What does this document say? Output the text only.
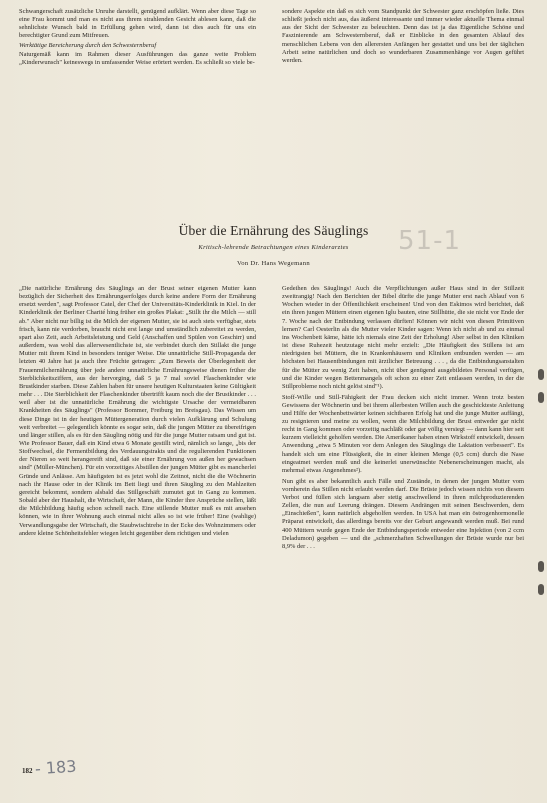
Schwangerschaft zusätzliche Unruhe darstellt, genügend aufklärt. Wenn aber diese Tage so eine Frau kommt und man es nicht aus ihrem strahlenden Gesicht ablesen kann, daß die sehnlichste Wunsch bald in Erfüllung gehen wird, dann ist dies auch für uns ein berechtigter Grund zum Mitfreuen.

Werktätige Bereicherung durch den Schwesternberuf

Naturgemäß kann im Rahmen dieser Ausführungen das ganze weite Problem „Kinderwunsch" keineswegs in umfassender Weise erörtert werden. Es schließt so viele be-

sondere Aspekte ein daß es sich vom Standpunkt der Schwester ganz erschöpfen ließe. Dies schließt jedoch nicht aus, das äußerst interessante und immer wieder aktuelle Thema einmal aus der Sicht der Schwester zu beleuchten. Denn das ist ja das Eigentliche Schöne und Faszinierende am Schwesternberuf, daß er Einblicke in den gesamten Ablauf des menschlichen Lebens von den allerersten Anfängen her gestattet und uns bei der täglichen Arbeit seine natürlichen und doch so wunderbaren Zusammenhänge vor Augen geführt werden.

51-1
Über die Ernährung des Säuglings
Kritisch-lehrende Betrachtungen eines Kinderarztes
Von Dr. Hans Wegemann

„Die natürliche Ernährung des Säuglings an der Brust seiner eigenen Mutter kann bezüglich der Sicherheit des Ernährungserfolges durch keine andere Form der Ernährung ersetzt werden", sagt Professor Catel, der Chef der Universitäts-Kinderklinik in Kiel. In der Kinderklinik der Berliner Charité hing früher ein großes Plakat: „Stillt ihr die Milch — still ab." Aber nicht nur billig ist die Milch der eigenen Mutter, sie ist auch stets verfügbar, stets frisch, kann nie verdorben, braucht nicht erst lange und umständlich zubereitet zu werden, spart also Zeit, auch Arbeitsleistung und Geld (Anschaffen und Spülen von Geschirr) und außerdem, was wohl das allerwesentlichste ist, sie verbindet durch den Stillakt die junge Mutter mit ihrem Kind in besonders inniger Weise. Die unnatürliche Still-Propaganda der letzten 40 Jahre hat ja auch ihre Früchte getragen: „Zum Beweis der Überlegenheit der Frauenmilchernährung über jede andere unnatürliche Ernährungsweise dienen früher die Sterblichkeitsziffern, aus der hervorging, daß 5 ja 7 mal soviel Flaschenkinder wie Brustkinder starben. Diese Zahlen haben für unsere heutigen Kulturstaaten keine Gültigkeit mehr . . . Die Sterblichkeit der Flaschenkinder übertrifft kaum noch die der Brustkinder . . . weil aber ist die unnatürliche Ernährung die wichtigste Ursache der vermeidbaren Krankheiten des Säuglings" (Professor Bommer, Freiburg im Breisgau). Das Wissen um diese Dinge ist in der heutigen Müttergeneration durch vielen Aufklärung und Schulung weit verbreitet — gelegentlich könnte es sogar sein, daß die jungen Mütter zu übereifrigen und länger stillen, als es für den Säugling nötig und für die junge Mutter ratsam und gut ist. Wie Professor Bauer, daß ein Kind etwa 6 Monate gestillt wird, nämlich so lange, „bis der Stoffwechsel, die Fermentbildung des Verdauungstrakts und die regulierenden Funktionen der Nieren so weit herangereift sind, daß sie einer Ernährung von außen her gewachsen sind" (Müller-München). Für ein vorzeitiges Abstillen der jungen Mütter gibt es mancherlei Gründe und Anlässe. Am häufigsten ist es jetzt wohl die Zeitnot, nicht die die Wöchnerin nach ihr Hause oder in der Klinik im Bett liegt und ihren Säugling zu den Mahlzeiten gereicht bekommt, sondern alsbald das Stillgeschäft zumutet gut in Gang zu kommen. Sobald aber der Haushalt, die Wirtschaft, der Mann, die Kinder ihre Ansprüche stellen, läßt die Milchbildung häufig schon schnell nach. Eine stillende Mutter muß es mit ansehen können, wie in ihrer Wohnung auch einmal nicht alles so ist wie früher! Eine (wahlige) Verwandlungsgabe der Wirtschaft, die Staubwischtrehe in der Ecke des Wohnzimmers oder andere kleine Schönheitsfehler wiegen leicht gegenüber dem richtigen und vielen

Gedeihen des Säuglings! Auch die Verpflichtungen außer Haus sind in der Stillzeit zweitrangig! Nach den Berichten der Bibel dürfte die junge Mutter erst nach Ablauf von 6 Wochen wieder in der Öffentlichkeit erscheinen! Und von den Eskimos wird berichtet, daß ein ihren jungen Müttern einen eigenen Iglu bauten, eine Stillhütte, die sie nicht vor Ende der 7. Woche nach der Entbindung verlassen dürften! Können wir nicht von diesen Primitiven lernen? Carl Oesterlin als die Mutter vieler Kinder sagen: Wenn ich nicht ab und zu einmal ins Wochenbett käme, hätte ich niemals eine Zeit der Erholung! Aber selbst in den Kliniken ist diese Ruhezeit heutzutage nicht mehr erzielt: „Die Häufigkeit des Stillens ist am niedrigsten bei Müttern, die in Krankenhäusern und Kliniken entbunden werden — am höchsten bei Hausentbindungen mit ärztlicher Betreuung . . . , da die Entbindungsanstalten für die Mütter zu wenig Zeit haben, nicht über genügend ausgebildetes Personal verfügen, und die Kinder wegen Bettenmangels oft schon zu einer Zeit entlassen werden, in der die Stillprobleme noch nicht gelöst sind"¹).

Stoff-Wille und Still-Fähigkeit der Frau decken sich nicht immer. Wenn trotz besten Gewissens der Wöchnerin und bei ihrem allerbesten Willen auch die geschickteste Anleitung und Hilfe der Wochenbettwärter keinen sichtbaren Erfolg hat und die junge Mutter auffängt, zu resignieren und meine zu wollen, wenn die Milchbildung der Brust entweder gar nicht recht in Gang kommen oder vorzeitig nachläßt oder gar völlig versiegt — dann kann hier seit kurzem vielleicht geholfen werden. Die Amerikaner haben einen Wirkstoff entwickelt, dessen Anwendung „etwa 5 Minuten vor dem Anlegen des Säuglings die Laktation verbessert". Es handelt sich um eine Flüssigkeit, die in einer kleinen Menge (0,5 ccm) durch die Nase eingeatmet werden muß und die keinerlei unerwünschte Nebenerscheinungen macht, als mehrmal etwas Angenehmes²).

Nun gibt es aber bekanntlich auch Fälle und Zustände, in denen der jungen Mutter vom vornherein das Stillen nicht erlaubt werden darf. Die Brüste jedoch wissen nichts von diesem Verbot und füllen sich langsam aber stetig anschwellend in ihren milchproduzierenden Zellen, die nun auf Leerung drängen. Diesem Andrängen mit seinen Beschwerden, dem „Einschießen", kann natürlich abgeholfen werden. In USA hat man ein östrogenhormonelle Präparat entwickelt, das allerdings bereits vor der Geburt angewandt werden muß. Bei rund 400 Müttern wurde gegen Ende der Entbindungsperiode entweder eine Injektion (von 2 ccm Deladumon) gegeben — und die „schmerzhaften Schwellungen der Brüste wurde nur bei 8,9% der . . .

182 - 183
